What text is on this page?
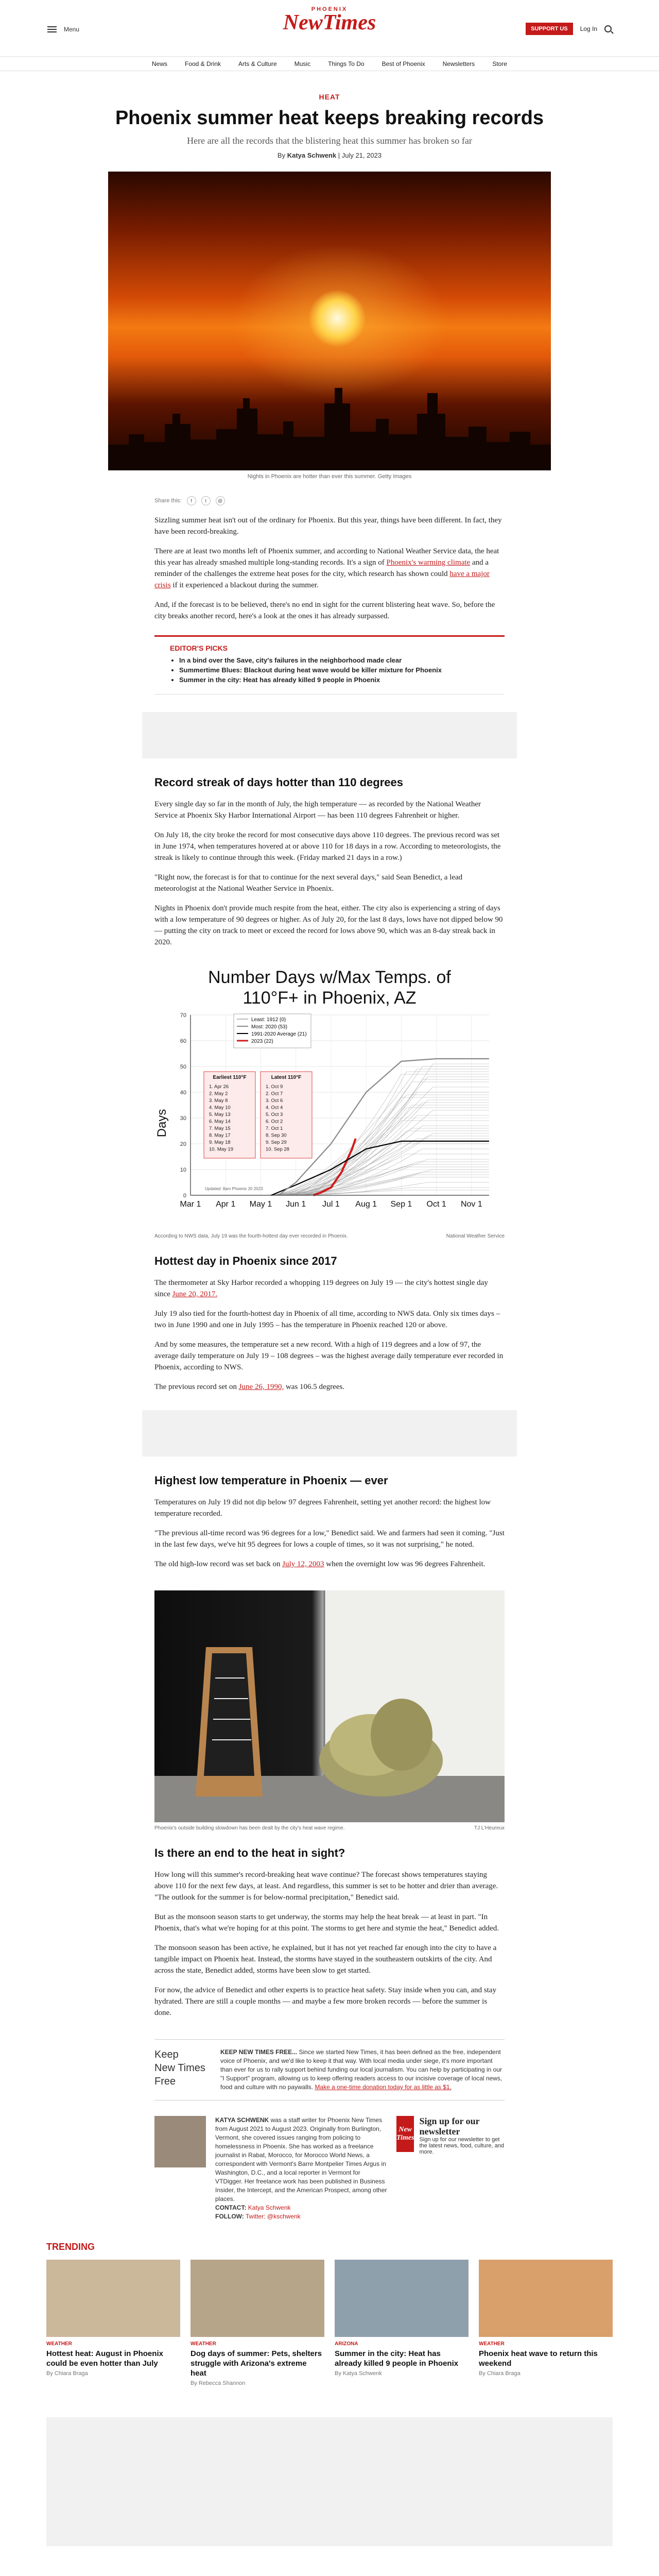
Menu
PHOENIX
NewTimes	SUPPORT US	Log In
News	Food & Drink	Arts & Culture	Music	Things To Do	Best of Phoenix	Newsletters	Store
HEAT
Phoenix summer heat keeps breaking records
Here are all the records that the blistering heat this summer has broken so far
By Katya Schwenk | July 21, 2023
Nights in Phoenix are hotter than ever this summer. Getty Images
Share this:	f	t	@

Sizzling summer heat isn't out of the ordinary for Phoenix. But this year, things have been different. In fact, they have been record-breaking.

There are at least two months left of Phoenix summer, and according to National Weather Service data, the heat this year has already smashed multiple long-standing records. It's a sign of Phoenix's warming climate and a reminder of the challenges the extreme heat poses for the city, which research has shown could have a major crisis if it experienced a blackout during the summer.

And, if the forecast is to be believed, there's no end in sight for the current blistering heat wave. So, before the city breaks another record, here's a look at the ones it has already surpassed.

EDITOR'S PICKS
• In a bind over the Save, city's failures in the neighborhood made clear
• Summertime Blues: Blackout during heat wave would be killer mixture for Phoenix
• Summer in the city: Heat has already killed 9 people in Phoenix
Record streak of days hotter than 110 degrees

Every single day so far in the month of July, the high temperature — as recorded by the National Weather Service at Phoenix Sky Harbor International Airport — has been 110 degrees Fahrenheit or higher.

On July 18, the city broke the record for most consecutive days above 110 degrees. The previous record was set in June 1974, when temperatures hovered at or above 110 for 18 days in a row. According to meteorologists, the streak is likely to continue through this week. (Friday marked 21 days in a row.)

"Right now, the forecast is for that to continue for the next several days," said Sean Benedict, a lead meteorologist at the National Weather Service in Phoenix.

Nights in Phoenix don't provide much respite from the heat, either. The city also is experiencing a string of days with a low temperature of 90 degrees or higher. As of July 20, for the last 8 days, lows have not dipped below 90 — putting the city on track to meet or exceed the record for lows above 90, which was an 8-day streak back in 2020.

Number Days w/Max Temps. of
110°F+ in Phoenix, AZ
0
10
20
30
40
50
60
70
Mar 1 Apr 1 May 1 Jun 1 Jul 1 Aug 1 Sep 1 Oct 1 Nov 1
Least: 1912 (0)
Most: 2020 (53)
1991-2020 Average (21)
2023 (22)
Earliest 110°F
1. Apr 26
2. May 2
3. May 8
4. May 10
5. May 13
6. May 14
7. May 15
8. May 17
9. May 18
10. May 19
Latest 110°F
1. Oct 9
2. Oct 7
3. Oct 6
4. Oct 4
5. Oct 3
6. Oct 2
7. Oct 1
8. Sep 30
9. Sep 29
10. Sep 28
Days
Updated: 8am Phoenix 20 2023
According to NWS data, July 19 was the fourth-hottest day ever recorded in Phoenix.	National Weather Service
Hottest day in Phoenix since 2017

The thermometer at Sky Harbor recorded a whopping 119 degrees on July 19 — the city's hottest single day since June 20, 2017.

July 19 also tied for the fourth-hottest day in Phoenix of all time, according to NWS data. Only six times days – two in June 1990 and one in July 1995 – has the temperature in Phoenix reached 120 or above.

And by some measures, the temperature set a new record. With a high of 119 degrees and a low of 97, the average daily temperature on July 19 – 108 degrees – was the highest average daily temperature ever recorded in Phoenix, according to NWS.

The previous record set on June 26, 1990, was 106.5 degrees.

Highest low temperature in Phoenix — ever

Temperatures on July 19 did not dip below 97 degrees Fahrenheit, setting yet another record: the highest low temperature recorded.

"The previous all-time record was 96 degrees for a low," Benedict said. We and farmers had seen it coming. "Just in the last few days, we've hit 95 degrees for lows a couple of times, so it was not surprising," he noted.

The old high-low record was set back on July 12, 2003 when the overnight low was 96 degrees Fahrenheit.

Phoenix's outside building slowdown has been dealt by the city's heat wave regime.	TJ L'Heureux
Is there an end to the heat in sight?

How long will this summer's record-breaking heat wave continue? The forecast shows temperatures staying above 110 for the next few days, at least. And regardless, this summer is set to be hotter and drier than average. "The outlook for the summer is for below-normal precipitation," Benedict said.

But as the monsoon season starts to get underway, the storms may help the heat break — at least in part. "In Phoenix, that's what we're hoping for at this point. The storms to get here and stymie the heat," Benedict added.

The monsoon season has been active, he explained, but it has not yet reached far enough into the city to have a tangible impact on Phoenix heat. Instead, the storms have stayed in the southeastern outskirts of the city. And across the state, Benedict added, storms have been slow to get started.

For now, the advice of Benedict and other experts is to practice heat safety. Stay inside when you can, and stay hydrated. There are still a couple months — and maybe a few more broken records — before the summer is done.

Keep
New Times
Free
KEEP NEW TIMES FREE... Since we started New Times, it has been defined as the free, independent voice of Phoenix, and we'd like to keep it that way. With local media under siege, it's more important than ever for us to rally support behind funding our local journalism. You can help by participating in our "I Support" program, allowing us to keep offering readers access to our incisive coverage of local news, food and culture with no paywalls. Make a one-time donation today for as little as $1.
KATYA SCHWENK was a staff writer for Phoenix New Times from August 2021 to August 2023. Originally from Burlington, Vermont, she covered issues ranging from policing to homelessness in Phoenix. She has worked as a freelance journalist in Rabat, Morocco, for Morocco World News, a correspondent with Vermont's Barre Montpelier Times Argus in Washington, D.C., and a local reporter in Vermont for VTDigger. Her freelance work has been published in Business Insider, the Intercept, and the American Prospect, among other places.
CONTACT: Katya Schwenk
FOLLOW: Twitter: @kschwenk
New Times
Sign up for our newsletter
Sign up for our newsletter to get the latest news, food, culture, and more.
TRENDING
WEATHER
Hottest heat: August in Phoenix could be even hotter than July
By Chiara Braga
WEATHER
Dog days of summer: Pets, shelters struggle with Arizona's extreme heat
By Rebecca Shannon
ARIZONA
Summer in the city: Heat has already killed 9 people in Phoenix
By Katya Schwenk
WEATHER
Phoenix heat wave to return this weekend
By Chiara Braga
